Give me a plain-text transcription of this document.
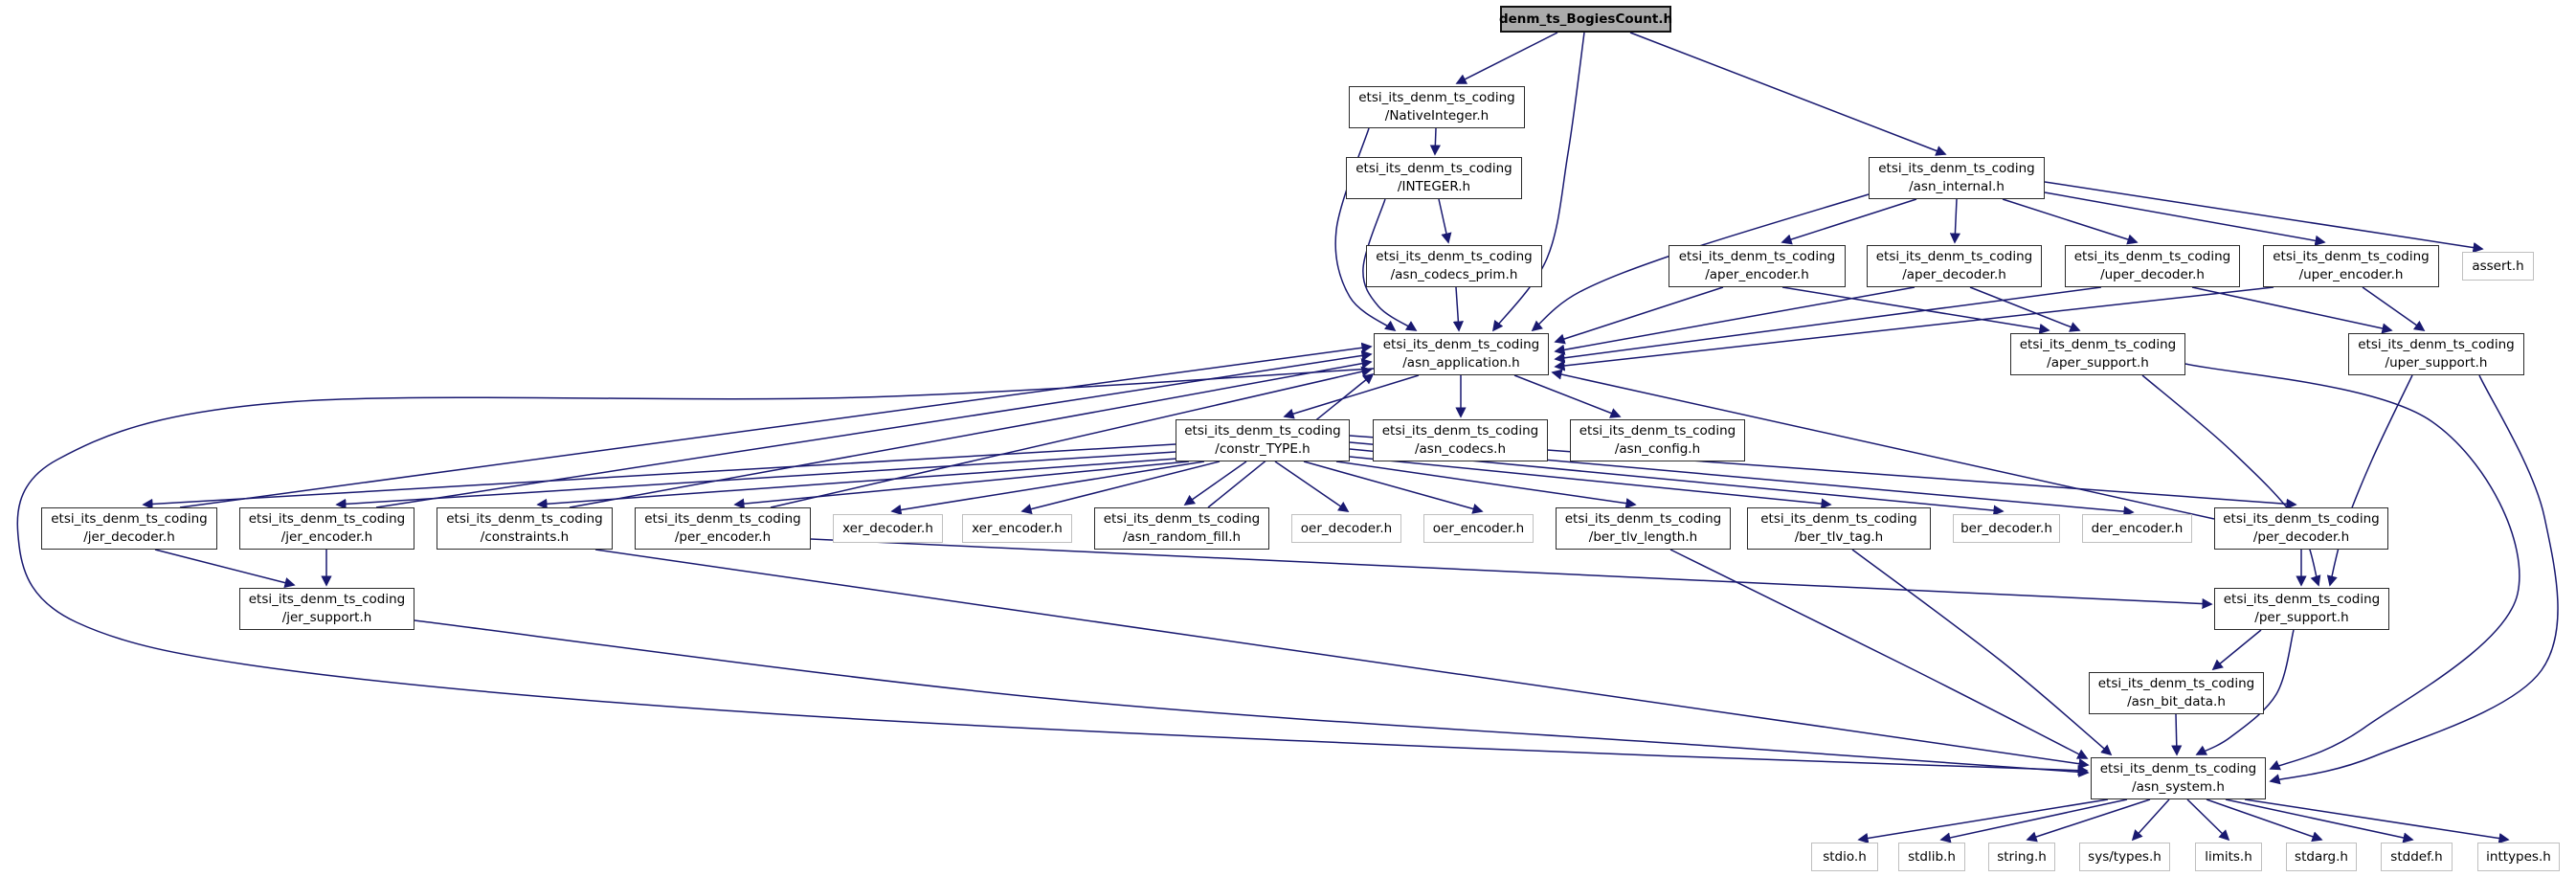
denm_ts_BogiesCount.h
etsi_its_denm_ts_coding
/NativeInteger.h
etsi_its_denm_ts_coding
/INTEGER.h
etsi_its_denm_ts_coding
/asn_internal.h
etsi_its_denm_ts_coding
/asn_codecs_prim.h
etsi_its_denm_ts_coding
/aper_encoder.h
etsi_its_denm_ts_coding
/aper_decoder.h
etsi_its_denm_ts_coding
/uper_decoder.h
etsi_its_denm_ts_coding
/uper_encoder.h
assert.h
etsi_its_denm_ts_coding
/asn_application.h
etsi_its_denm_ts_coding
/aper_support.h
etsi_its_denm_ts_coding
/uper_support.h
etsi_its_denm_ts_coding
/constr_TYPE.h
etsi_its_denm_ts_coding
/asn_codecs.h
etsi_its_denm_ts_coding
/asn_config.h
etsi_its_denm_ts_coding
/jer_decoder.h
etsi_its_denm_ts_coding
/jer_encoder.h
etsi_its_denm_ts_coding
/constraints.h
etsi_its_denm_ts_coding
/per_encoder.h
xer_decoder.h	xer_encoder.h
etsi_its_denm_ts_coding
/asn_random_fill.h
oer_decoder.h	oer_encoder.h
etsi_its_denm_ts_coding
/ber_tlv_length.h
etsi_its_denm_ts_coding
/ber_tlv_tag.h
ber_decoder.h	der_encoder.h
etsi_its_denm_ts_coding
/per_decoder.h
etsi_its_denm_ts_coding
/jer_support.h
etsi_its_denm_ts_coding
/per_support.h
etsi_its_denm_ts_coding
/asn_bit_data.h
etsi_its_denm_ts_coding
/asn_system.h
stdio.h	stdlib.h	string.h	sys/types.h	limits.h	stdarg.h	stddef.h	inttypes.h
